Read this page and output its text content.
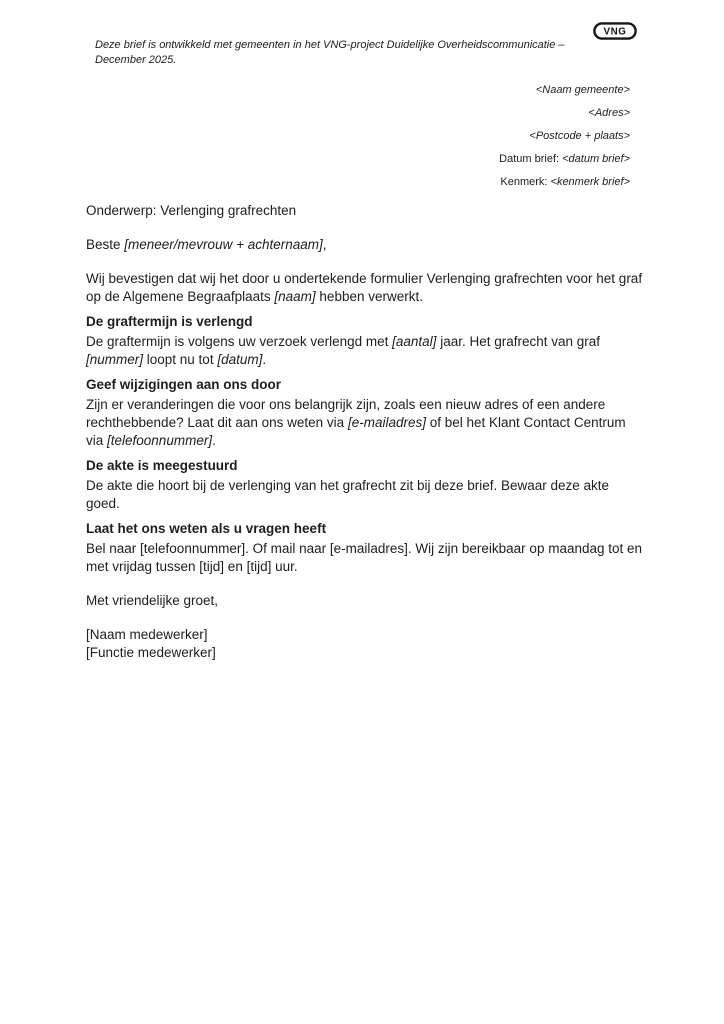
VNG
Deze brief is ontwikkeld met gemeenten in het VNG-project Duidelijke Overheidscommunicatie – December 2025.
<Naam gemeente>
<Adres>
<Postcode + plaats>
Datum brief: <datum brief>
Kenmerk: <kenmerk brief>

Onderwerp: Verlenging grafrechten

Beste [meneer/mevrouw + achternaam],

Wij bevestigen dat wij het door u ondertekende formulier Verlenging grafrechten voor het graf op de Algemene Begraafplaats [naam] hebben verwerkt.

De graftermijn is verlengd

De graftermijn is volgens uw verzoek verlengd met [aantal] jaar. Het grafrecht van graf [nummer] loopt nu tot [datum].

Geef wijzigingen aan ons door

Zijn er veranderingen die voor ons belangrijk zijn, zoals een nieuw adres of een andere rechthebbende? Laat dit aan ons weten via [e-mailadres] of bel het Klant Contact Centrum via [telefoonnummer].

De akte is meegestuurd

De akte die hoort bij de verlenging van het grafrecht zit bij deze brief. Bewaar deze akte goed.

Laat het ons weten als u vragen heeft

Bel naar [telefoonnummer]. Of mail naar [e-mailadres]. Wij zijn bereikbaar op maandag tot en met vrijdag tussen [tijd] en [tijd] uur.

Met vriendelijke groet,

[Naam medewerker]

[Functie medewerker]
